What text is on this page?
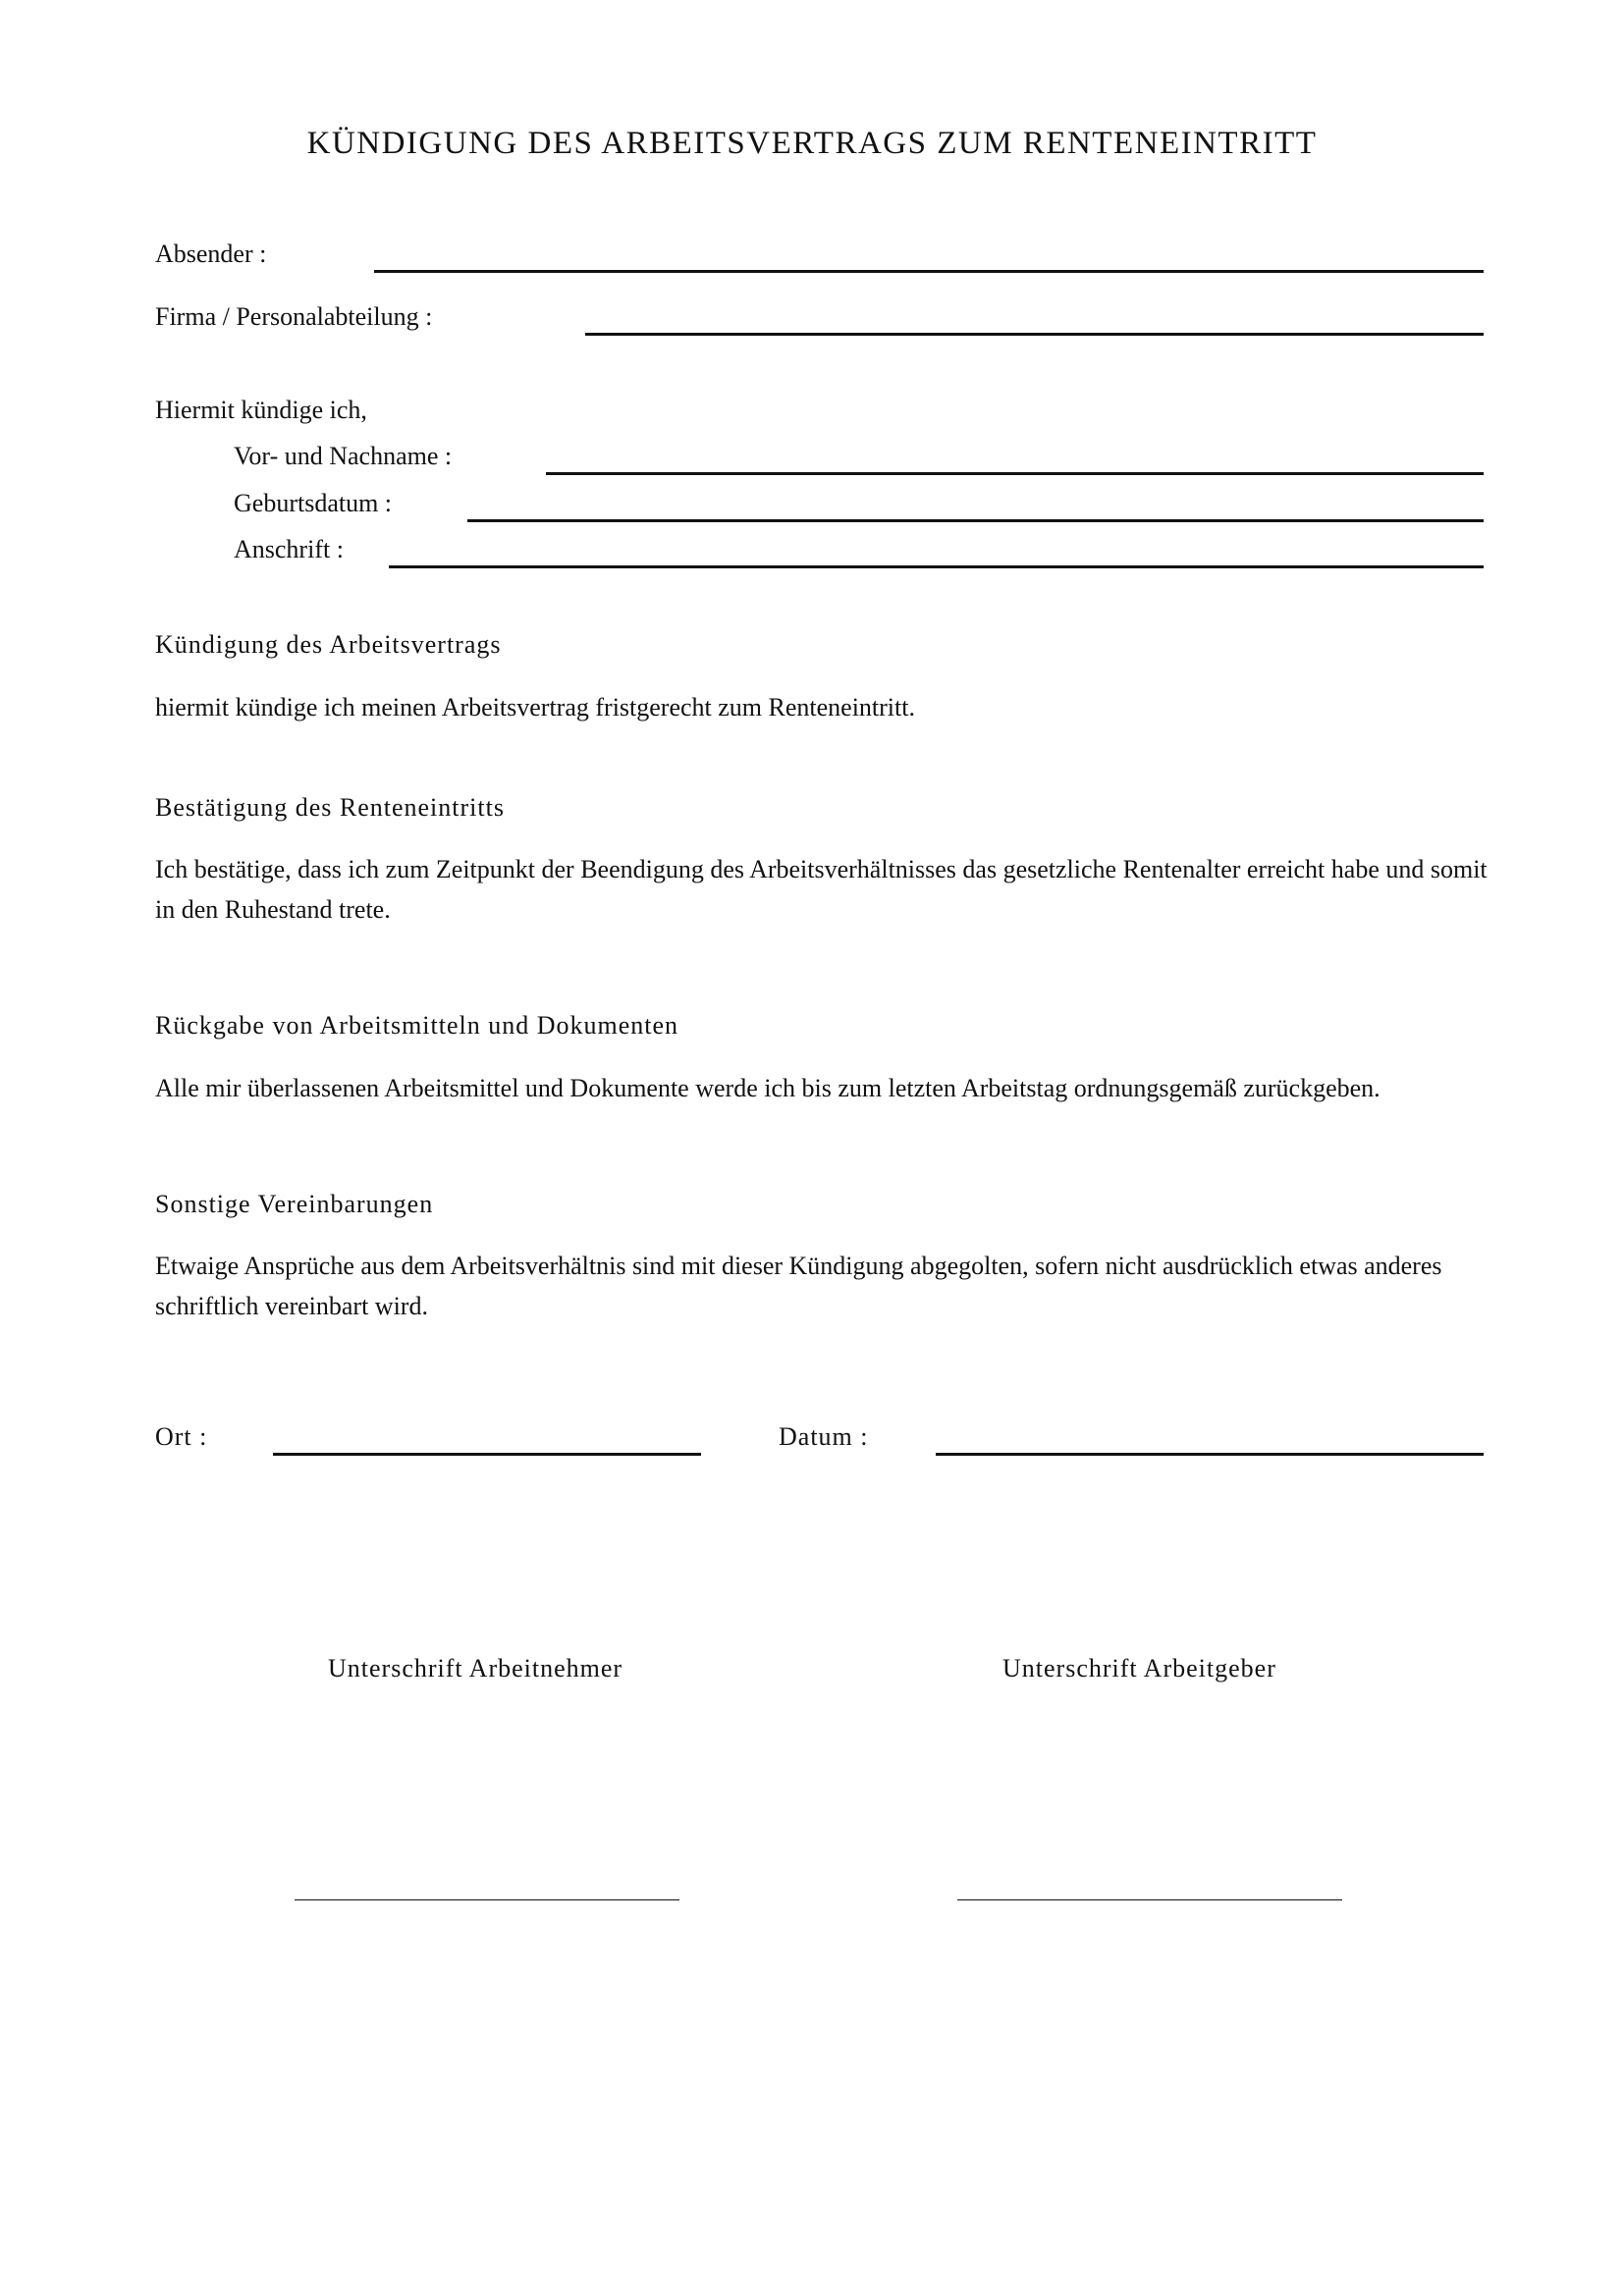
KÜNDIGUNG DES ARBEITSVERTRAGS ZUM RENTENEINTRITT
Absender :
Firma / Personalabteilung :
Hiermit kündige ich,
Vor- und Nachname :
Geburtsdatum :
Anschrift :
Kündigung des Arbeitsvertrags
hiermit kündige ich meinen Arbeitsvertrag fristgerecht zum Renteneintritt.
Bestätigung des Renteneintritts
Ich bestätige, dass ich zum Zeitpunkt der Beendigung des Arbeitsverhältnisses das gesetzliche Rentenalter erreicht habe und somit in den Ruhestand trete.
Rückgabe von Arbeitsmitteln und Dokumenten
Alle mir überlassenen Arbeitsmittel und Dokumente werde ich bis zum letzten Arbeitstag ordnungsgemäß zurückgeben.
Sonstige Vereinbarungen
Etwaige Ansprüche aus dem Arbeitsverhältnis sind mit dieser Kündigung abgegolten, sofern nicht ausdrücklich etwas anderes schriftlich vereinbart wird.
Ort :	Datum :
Unterschrift Arbeitnehmer	Unterschrift Arbeitgeber
